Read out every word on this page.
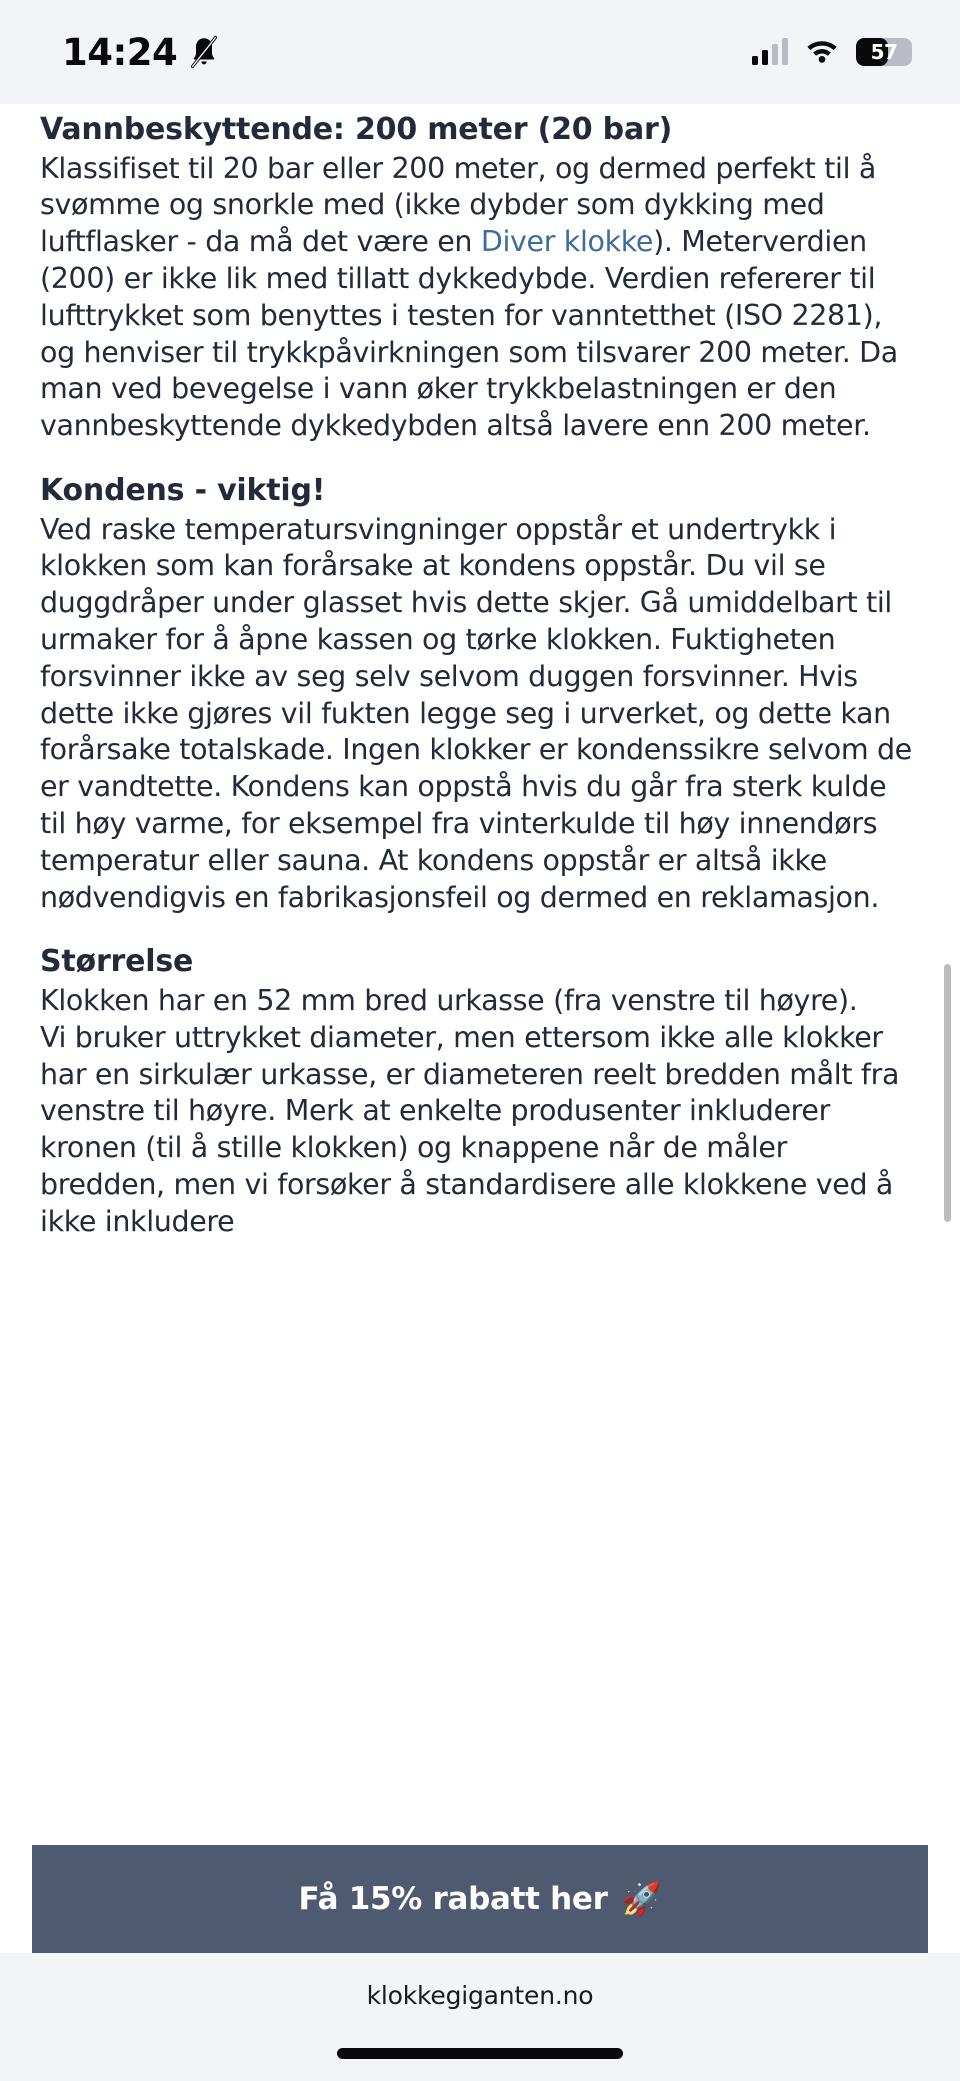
14:24	57
Vannbeskyttende: 200 meter (20 bar)

Klassifiset til 20 bar eller 200 meter, og dermed perfekt til å svømme og snorkle med (ikke dybder som dykking med luftflasker - da må det være en Diver klokke). Meterverdien (200) er ikke lik med tillatt dykkedybde. Verdien refererer til lufttrykket som benyttes i testen for vanntetthet (ISO 2281), og henviser til trykkpåvirkningen som tilsvarer 200 meter. Da man ved bevegelse i vann øker trykkbelastningen er den vannbeskyttende dykkedybden altså lavere enn 200 meter.

Kondens - viktig!

Ved raske temperatursvingninger oppstår et undertrykk i klokken som kan forårsake at kondens oppstår. Du vil se duggdråper under glasset hvis dette skjer. Gå umiddelbart til urmaker for å åpne kassen og tørke klokken. Fuktigheten forsvinner ikke av seg selv selvom duggen forsvinner. Hvis dette ikke gjøres vil fukten legge seg i urverket, og dette kan forårsake totalskade. Ingen klokker er kondenssikre selvom de er vandtette. Kondens kan oppstå hvis du går fra sterk kulde til høy varme, for eksempel fra vinterkulde til høy innendørs temperatur eller sauna. At kondens oppstår er altså ikke nødvendigvis en fabrikasjonsfeil og dermed en reklamasjon.

Størrelse

Klokken har en 52 mm bred urkasse (fra venstre til høyre).

Vi bruker uttrykket diameter, men ettersom ikke alle klokker har en sirkulær urkasse, er diameteren reelt bredden målt fra venstre til høyre. Merk at enkelte produsenter inkluderer kronen (til å stille klokken) og knappene når de måler bredden, men vi forsøker å standardisere alle klokkene ved å ikke inkludere

Få 15% rabatt her 🚀
klokkegiganten.no
